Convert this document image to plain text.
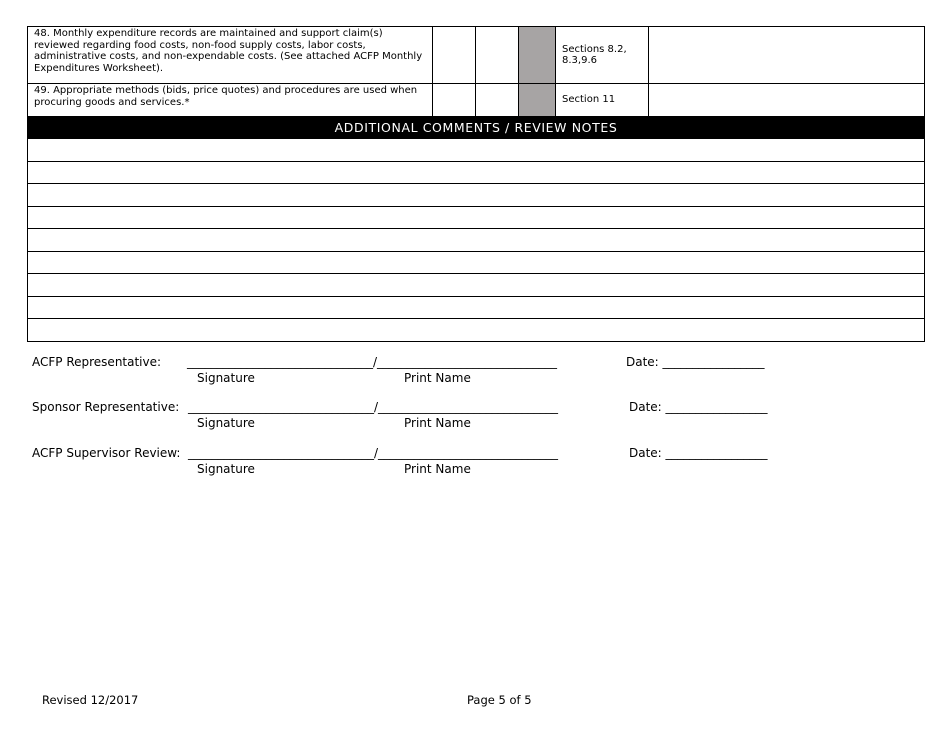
48. Monthly expenditure records are maintained and support claim(s) reviewed regarding food costs, non-food supply costs, labor costs, administrative costs, and non-expendable costs. (See attached ACFP Monthly Expenditures Worksheet).				Sections 8.2, 8.3,9.6	
49. Appropriate methods (bids, price quotes) and procedures are used when procuring goods and services.*				Section 11	

ADDITIONAL COMMENTS / REVIEW NOTES					

ACFP Representative: _______________________________/______________________________	Date: _________________
Signature	Print Name
Sponsor Representative: _______________________________/______________________________	Date: _________________
Signature	Print Name
ACFP Supervisor Review: _______________________________/______________________________	Date: _________________
Signature	Print Name
Revised 12/2017	Page 5 of 5
